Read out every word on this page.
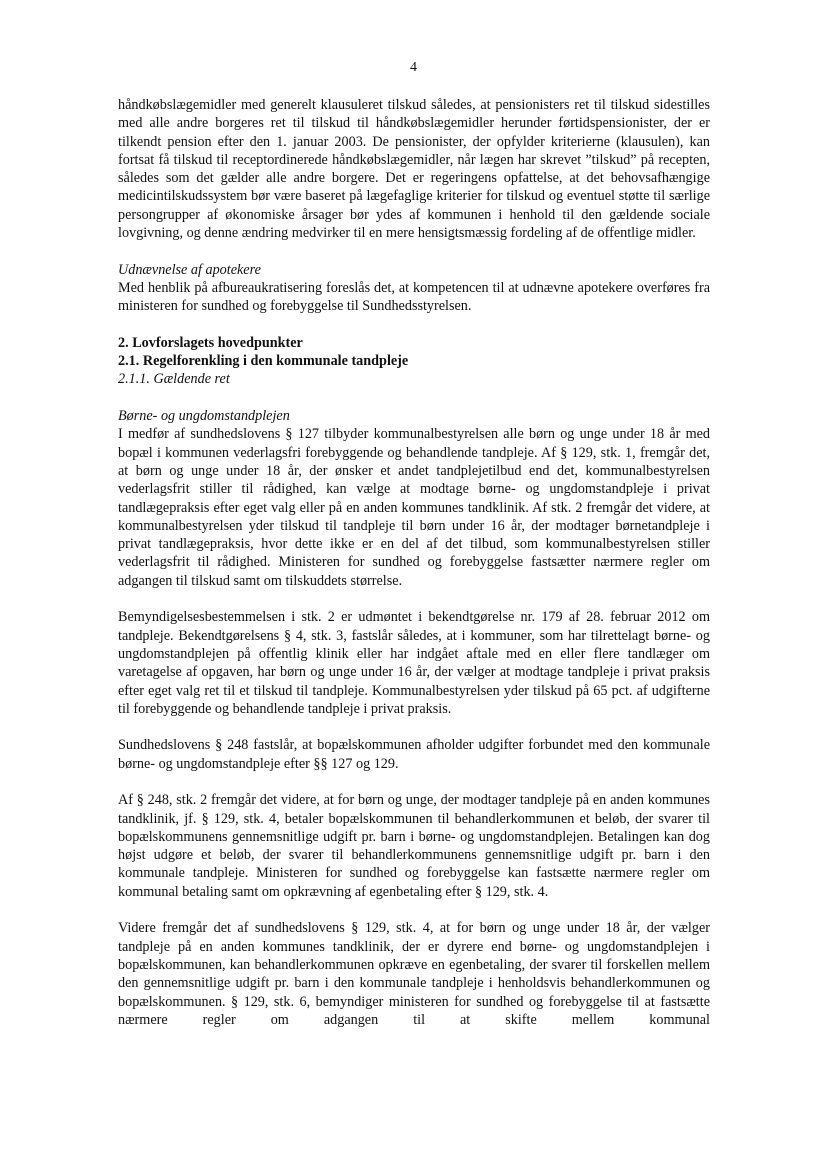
4

håndkøbslægemidler med generelt klausuleret tilskud således, at pensionisters ret til tilskud sidestilles med alle andre borgeres ret til tilskud til håndkøbslægemidler herunder førtidspensionister, der er tilkendt pension efter den 1. januar 2003. De pensionister, der opfylder kriterierne (klausulen), kan fortsat få tilskud til receptordinerede håndkøbslægemidler, når lægen har skrevet ”tilskud” på recepten, således som det gælder alle andre borgere. Det er regeringens opfattelse, at det behovsafhængige medicintilskudssystem bør være baseret på lægefaglige kriterier for tilskud og eventuel støtte til særlige persongrupper af økonomiske årsager bør ydes af kommunen i henhold til den gældende sociale lovgivning, og denne ændring medvirker til en mere hensigtsmæssig fordeling af de offentlige midler.

Udnævnelse af apotekere

Med henblik på afbureaukratisering foreslås det, at kompetencen til at udnævne apotekere overføres fra ministeren for sundhed og forebyggelse til Sundhedsstyrelsen.

2. Lovforslagets hovedpunkter

2.1. Regelforenkling i den kommunale tandpleje

2.1.1. Gældende ret

Børne- og ungdomstandplejen

I medfør af sundhedslovens § 127 tilbyder kommunalbestyrelsen alle børn og unge under 18 år med bopæl i kommunen vederlagsfri forebyggende og behandlende tandpleje. Af § 129, stk. 1, fremgår det, at børn og unge under 18 år, der ønsker et andet tandplejetilbud end det, kommunalbestyrelsen vederlagsfrit stiller til rådighed, kan vælge at modtage børne- og ungdomstandpleje i privat tandlægepraksis efter eget valg eller på en anden kommunes tandklinik. Af stk. 2 fremgår det videre, at kommunalbestyrelsen yder tilskud til tandpleje til børn under 16 år, der modtager børnetandpleje i privat tandlægepraksis, hvor dette ikke er en del af det tilbud, som kommunalbestyrelsen stiller vederlagsfrit til rådighed. Ministeren for sundhed og forebyggelse fastsætter nærmere regler om adgangen til tilskud samt om tilskuddets størrelse.

Bemyndigelsesbestemmelsen i stk. 2 er udmøntet i bekendtgørelse nr. 179 af 28. februar 2012 om tandpleje. Bekendtgørelsens § 4, stk. 3, fastslår således, at i kommuner, som har tilrettelagt børne- og ungdomstandplejen på offentlig klinik eller har indgået aftale med en eller flere tandlæger om varetagelse af opgaven, har børn og unge under 16 år, der vælger at modtage tandpleje i privat praksis efter eget valg ret til et tilskud til tandpleje. Kommunalbestyrelsen yder tilskud på 65 pct. af udgifterne til forebyggende og behandlende tandpleje i privat praksis.

Sundhedslovens § 248 fastslår, at bopælskommunen afholder udgifter forbundet med den kommunale børne- og ungdomstandpleje efter §§ 127 og 129.

Af § 248, stk. 2 fremgår det videre, at for børn og unge, der modtager tandpleje på en anden kommunes tandklinik, jf. § 129, stk. 4, betaler bopælskommunen til behandlerkommunen et beløb, der svarer til bopælskommunens gennemsnitlige udgift pr. barn i børne- og ungdomstandplejen. Betalingen kan dog højst udgøre et beløb, der svarer til behandlerkommunens gennemsnitlige udgift pr. barn i den kommunale tandpleje. Ministeren for sundhed og forebyggelse kan fastsætte nærmere regler om kommunal betaling samt om opkrævning af egenbetaling efter § 129, stk. 4.

Videre fremgår det af sundhedslovens § 129, stk. 4, at for børn og unge under 18 år, der vælger tandpleje på en anden kommunes tandklinik, der er dyrere end børne- og ungdomstandplejen i bopælskommunen, kan behandlerkommunen opkræve en egenbetaling, der svarer til forskellen mellem den gennemsnitlige udgift pr. barn i den kommunale tandpleje i henholdsvis behandlerkommunen og bopælskommunen. § 129, stk. 6, bemyndiger ministeren for sundhed og forebyggelse til at fastsætte nærmere regler om adgangen til at skifte mellem kommunal
